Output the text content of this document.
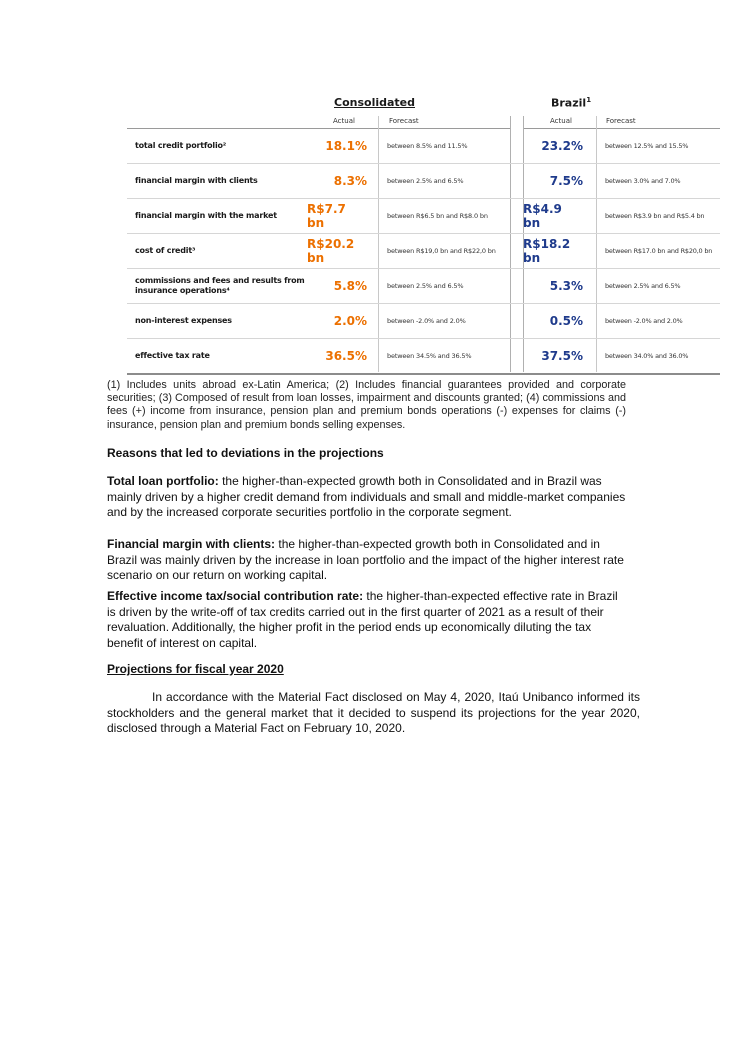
Consolidated	Brazil$^1$
Actual	Forecast	Actual	Forecast
total credit portfolio²	18.1%	between 8.5% and 11.5%	23.2%	between 12.5% and 15.5%
financial margin with clients	8.3%	between 2.5% and 6.5%	7.5%	between 3.0% and 7.0%
financial margin with the market	R$7.7 bn	between R$6.5 bn and R$8.0 bn	R$4.9 bn	between R$3.9 bn and R$5.4 bn
cost of credit³	R$20.2 bn	between R$19,0 bn and R$22,0 bn	R$18.2 bn	between R$17.0 bn and R$20,0 bn
commissions and fees and results from insurance operations⁴	5.8%	between 2.5% and 6.5%	5.3%	between 2.5% and 6.5%
non-interest expenses	2.0%	between -2.0% and 2.0%	0.5%	between -2.0% and 2.0%
effective tax rate	36.5%	between 34.5% and 36.5%	37.5%	between 34.0% and 36.0%
(1) Includes units abroad ex-Latin America; (2) Includes financial guarantees provided and corporate securities; (3) Composed of result from loan losses, impairment and discounts granted; (4) commissions and fees (+) income from insurance, pension plan and premium bonds operations (-) expenses for claims (-) insurance, pension plan and premium bonds selling expenses.
Reasons that led to deviations in the projections
Total loan portfolio: the higher-than-expected growth both in Consolidated and in Brazil was mainly driven by a higher credit demand from individuals and small and middle-market companies and by the increased corporate securities portfolio in the corporate segment.
Financial margin with clients: the higher-than-expected growth both in Consolidated and in Brazil was mainly driven by the increase in loan portfolio and the impact of the higher interest rate scenario on our return on working capital.
Effective income tax/social contribution rate: the higher-than-expected effective rate in Brazil is driven by the write-off of tax credits carried out in the first quarter of 2021 as a result of their revaluation. Additionally, the higher profit in the period ends up economically diluting the tax benefit of interest on capital.
Projections for fiscal year 2020
In accordance with the Material Fact disclosed on May 4, 2020, Itaú Unibanco informed its stockholders and the general market that it decided to suspend its projections for the year 2020, disclosed through a Material Fact on February 10, 2020.
